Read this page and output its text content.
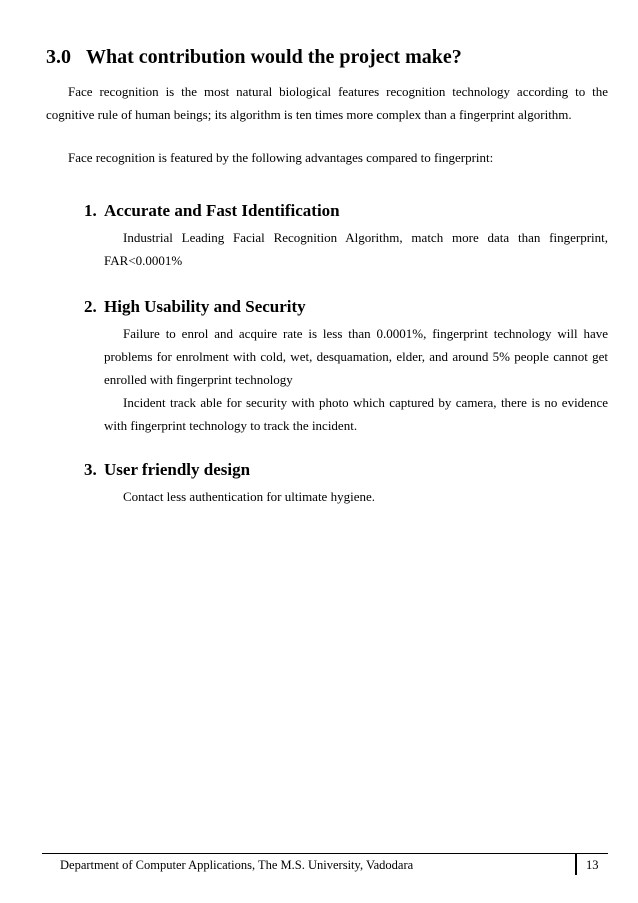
3.0 What contribution would the project make?

Face recognition is the most natural biological features recognition technology according to the cognitive rule of human beings; its algorithm is ten times more complex than a fingerprint algorithm.

Face recognition is featured by the following advantages compared to fingerprint:

1. Accurate and Fast Identification

Industrial Leading Facial Recognition Algorithm, match more data than fingerprint, FAR<0.0001%

2. High Usability and Security

Failure to enrol and acquire rate is less than 0.0001%, fingerprint technology will have problems for enrolment with cold, wet, desquamation, elder, and around 5% people cannot get enrolled with fingerprint technology

Incident track able for security with photo which captured by camera, there is no evidence with fingerprint technology to track the incident.

3. User friendly design

Contact less authentication for ultimate hygiene.

Department of Computer Applications, The M.S. University, Vadodara	13
